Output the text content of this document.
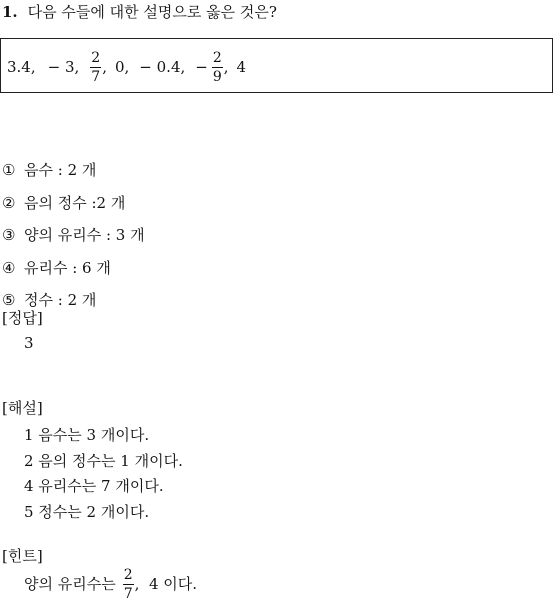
1. 다음 수들에 대한 설명으로 옳은 것은?
3.4, − 3, $\frac{2}{7}$ , 0, − 0.4, − $\frac{2}{9}$ , 4
① 음수 : 2 개
② 음의 정수 :2 개
③ 양의 유리수 : 3 개
④ 유리수 : 6 개
⑤ 정수 : 2 개
[정답]
3
[해설]
1 음수는 3 개이다.
2 음의 정수는 1 개이다.
4 유리수는 7 개이다.
5 정수는 2 개이다.
[힌트]
양의 유리수는 $\frac{2}{7}$ ,  4 이다.
